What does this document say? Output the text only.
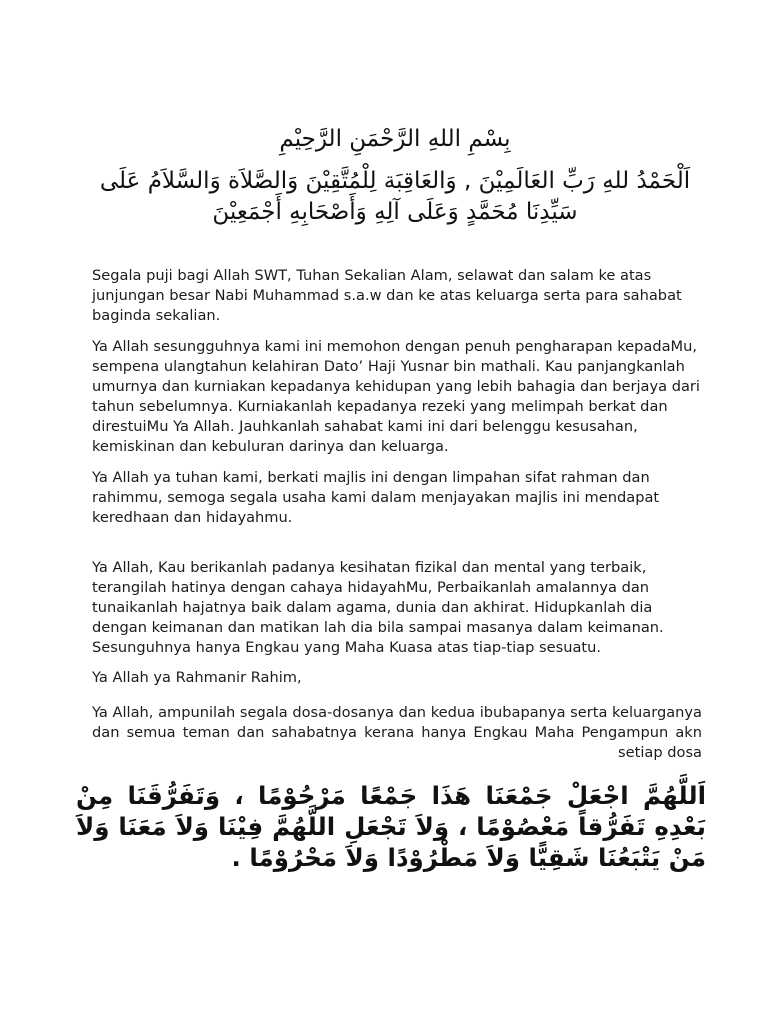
بِسْمِ اللهِ الرَّحْمَنِ الرَّحِيْمِ
اَلْحَمْدُ للهِ رَبِّ العَالَمِيْنَ , وَالعَاقِبَة لِلْمُتَّقِيْنَ وَالصَّلاَة وَالسَّلاَمُ عَلَى سَيِّدِنَا مُحَمَّدٍ وَعَلَى آلِهِ وَأَصْحَابِهِ أَجْمَعِيْنَ

Segala puji bagi Allah SWT, Tuhan Sekalian Alam, selawat dan salam ke atas junjungan besar Nabi Muhammad s.a.w dan ke atas keluarga serta para sahabat baginda sekalian.

Ya Allah sesungguhnya kami ini memohon dengan penuh pengharapan kepadaMu, sempena ulangtahun kelahiran Dato’ Haji Yusnar bin mathali. Kau panjangkanlah umurnya dan kurniakan kepadanya kehidupan yang lebih bahagia dan berjaya dari tahun sebelumnya. Kurniakanlah kepadanya rezeki yang melimpah berkat dan direstuiMu Ya Allah. Jauhkanlah sahabat kami ini dari belenggu kesusahan, kemiskinan dan kebuluran darinya dan keluarga.

Ya Allah ya tuhan kami, berkati majlis ini dengan limpahan sifat rahman dan rahimmu, semoga segala usaha kami dalam menjayakan majlis ini mendapat keredhaan dan hidayahmu.

Ya Allah, Kau berikanlah padanya kesihatan fizikal dan mental yang terbaik, terangilah hatinya dengan cahaya hidayahMu, Perbaikanlah amalannya dan tunaikanlah hajatnya baik dalam agama, dunia dan akhirat. Hidupkanlah dia dengan keimanan dan matikan lah dia bila sampai masanya dalam keimanan. Sesunguhnya hanya Engkau yang Maha Kuasa atas tiap-tiap sesuatu.

Ya Allah ya Rahmanir Rahim,

Ya Allah, ampunilah segala dosa-dosanya dan kedua ibubapanya serta keluarganya dan semua teman dan sahabatnya kerana hanya Engkau Maha Pengampun akn setiap dosa

اَللَّهُمَّ اجْعَلْ جَمْعَنَا هَذَا جَمْعًا مَرْحُوْمًا ، وَتَفَرُّقَنَا مِنْ بَعْدِهِ تَفَرُّقاً مَعْصُوْمًا ، وَلاَ تَجْعَلِ اللَّهُمَّ فِيْنَا وَلاَ مَعَنَا وَلاَ مَنْ يَتْبَعُنَا شَقِيًّا وَلاَ مَطْرُوْدًا وَلاَ مَحْرُوْمًا .
